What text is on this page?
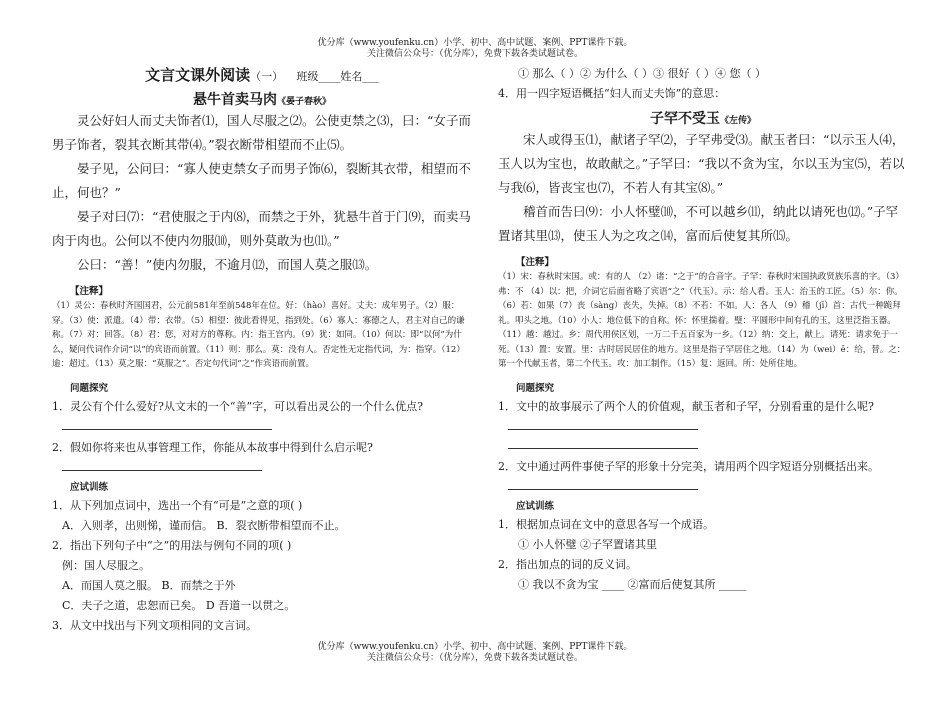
优分库（www.youfenku.cn）小学、初中、高中试题、案例、PPT课件下载。
关注微信公众号：（优分库），免费下载各类试题试卷。
文言文课外阅读（一） 班级____姓名___
悬牛首卖马肉《晏子春秋》

灵公好妇人而丈夫饰者⑴，国人尽服之⑵。公使吏禁之⑶，曰：“女子而男子饰者，裂其衣断其带⑷。”裂衣断带相望而不止⑸。

晏子见，公问曰：“寡人使吏禁女子而男子饰⑹，裂断其衣带，相望而不止，何也？”

晏子对曰⑺：“君使服之于内⑻，而禁之于外，犹悬牛首于门⑼，而卖马肉于肉也。公何以不使内勿服⑽，则外莫敢为也⑾。”

公曰：“善！”使内勿服，不逾月⑿，而国人莫之服⒀。

【注释】

（1）灵公：春秋时齐国国君，公元前581年至前548年在位。好：（hào）喜好。丈夫：成年男子。（2）服：穿。（3）使：派遣。（4）带：衣带。（5）相望：彼此看得见，指到处。（6）寡人：寡德之人，君主对自己的谦称。（7）对：回答。（8）君：您，对对方的尊称。内：指王宫内。（9）犹：如同。（10）何以：即“以何”为什么，疑问代词作介词“以”的宾语而前置。（11）则：那么。莫：没有人。否定性无定指代词，为：指穿。（12）逾：超过。（13）莫之服：“莫服之”。否定句代词“之”作宾语而前置。

问题探究

1．灵公有个什么爱好?从文末的一个“善”字，可以看出灵公的一个什么优点?

2．假如你将来也从事管理工作，你能从本故事中得到什么启示呢?

应试训练

1．从下列加点词中，选出一个有“可是”之意的项( )

A．入则孝，出则悌，谨而信。 B．裂衣断带相望而不止。

2．指出下列句子中“之”的用法与例句不同的项( )

例：国人尽服之。

A．而国人莫之服。 B．而禁之于外

C．夫子之道，忠恕而已矣。 D 吾道一以贯之。

3．从文中找出与下列文项相同的文言词。

① 那么（ ）② 为什么（ ）③ 很好（ ）④ 您（ ）

4．用一四字短语概括“妇人而丈夫饰”的意思：

子罕不受玉《左传》

宋人或得玉⑴，献诸子罕⑵，子罕弗受⑶。献玉者曰：“以示玉人⑷，玉人以为宝也，故敢献之。”子罕曰：“我以不贪为宝，尔以玉为宝⑸，若以与我⑹，皆丧宝也⑺，不若人有其宝⑻。”

稽首而告曰⑼：小人怀璧⑽，不可以越乡⑾，纳此以请死也⑿。”子罕置诸其里⒀，使玉人为之攻之⒁，富而后使复其所⒂。

【注释】

（1）宋：春秋时宋国。或：有的人 （2）诸：“之于”的合音字。子罕：春秋时宋国执政贤族乐喜的字。（3）弗：不 （4）以：把，介词它后面省略了宾语“之”（代玉）。示：给人看。玉人：治玉的工匠。（5）尔：你。（6）若：如果（7）丧（sàng）丧失，失掉。（8）不若：不如。人：各人 （9）稽（jī）首：古代一种跪拜礼。叩头之地。（10）小人：地位低下的自称。怀：怀里揣着。璧：平圆形中间有孔的玉，这里泛指玉器。（11）越：越过。乡：周代用侯区划，一万二千五百家为一乡。（12）纳：交上，献上。请死：请求免于一死。（13）置：安置。里：古时居民居住的地方。这里是指子罕居住之地。（14）为（wei）ē：给，替。之：第一个代献玉者，第二个代玉。攻：加工制作。（15）复：返回。所：处所住地。

问题探究

1．文中的故事展示了两个人的价值观，献玉者和子罕，分别看重的是什么呢?

2．文中通过两件事使子罕的形象十分完美，请用两个四字短语分别概括出来。

应试训练

1．根据加点词在文中的意思各写一个成语。

① 小人怀璧 ②子罕置诸其里

2．指出加点的词的反义词。

① 我以不贪为宝 ____ ②富而后使复其所 _____

优分库（www.youfenku.cn）小学、初中、高中试题、案例、PPT课件下载。
关注微信公众号：（优分库），免费下载各类试题试卷。
